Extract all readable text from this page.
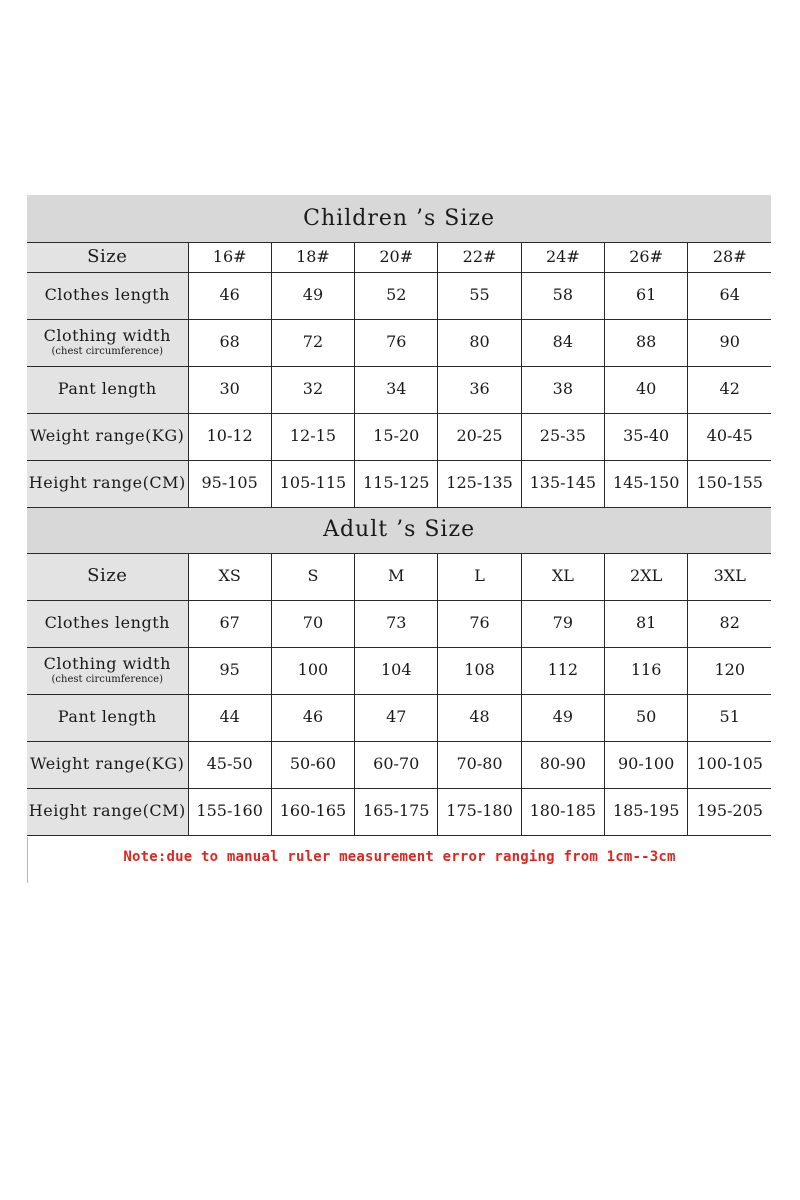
Children ’s Size							
Size	16#	18#	20#	22#	24#	26#	28#

Clothes length	46	49	52	55	58	61	64

Clothing width
(chest circumference)	68	72	76	80	84	88	90

Pant length	30	32	34	36	38	40	42

Weight range(KG)	10-12	12-15	15-20	20-25	25-35	35-40	40-45

Height range(CM)	95-105	105-115	115-125	125-135	135-145	145-150	150-155
Adult ’s Size							
Size	XS	S	M	L	XL	2XL	3XL

Clothes length	67	70	73	76	79	81	82

Clothing width
(chest circumference)	95	100	104	108	112	116	120

Pant length	44	46	47	48	49	50	51

Weight range(KG)	45-50	50-60	60-70	70-80	80-90	90-100	100-105

Height range(CM)	155-160	160-165	165-175	175-180	180-185	185-195	195-205
Note:due to manual ruler measurement error ranging from 1cm--3cm
